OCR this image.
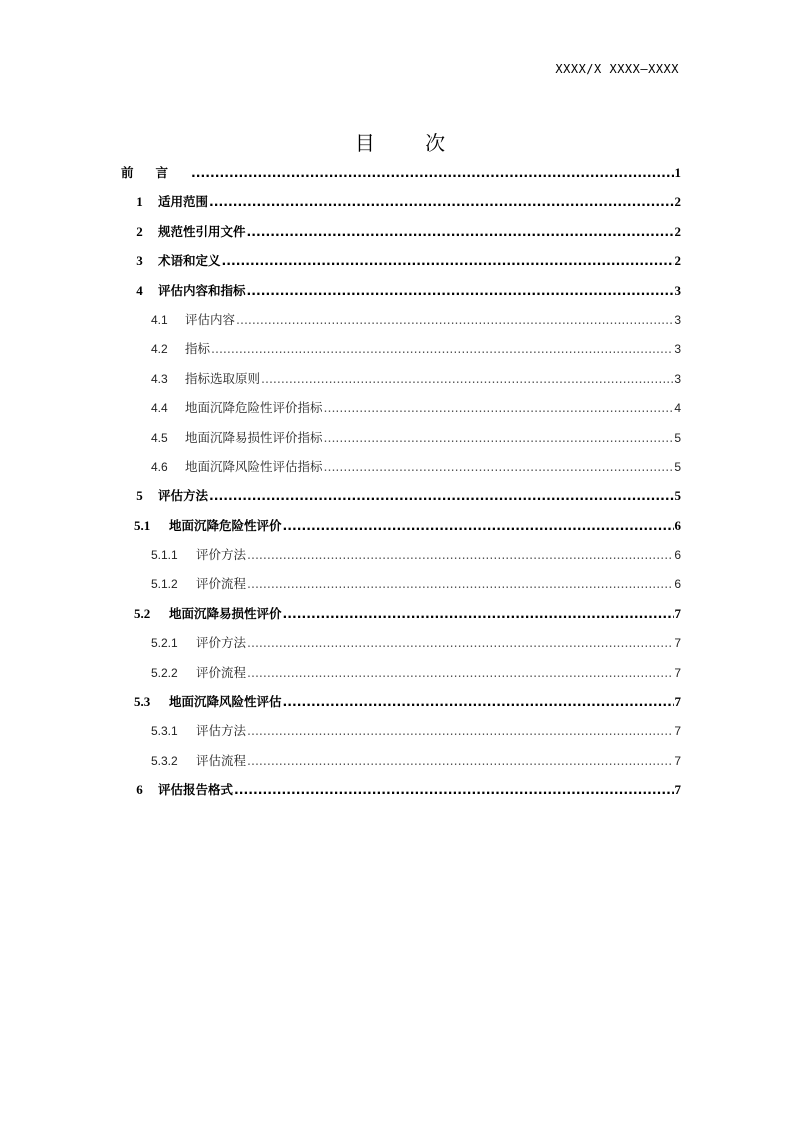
XXXX/X XXXX—XXXX
目 次
前言 .....	1
1	适用范围 .....	2
2	规范性引用文件 .....	2
3	术语和定义 .....	2
4	评估内容和指标 .....	3
4.1	评估内容 .....	3
4.2	指标 .....	3
4.3	指标选取原则 .....	3
4.4	地面沉降危险性评价指标 .....	4
4.5	地面沉降易损性评价指标 .....	5
4.6	地面沉降风险性评估指标 .....	5
5	评估方法 .....	5
5.1	地面沉降危险性评价 .....	6
5.1.1	评价方法 .....	6
5.1.2	评价流程 .....	6
5.2	地面沉降易损性评价 .....	7
5.2.1	评价方法 .....	7
5.2.2	评价流程 .....	7
5.3	地面沉降风险性评估 .....	7
5.3.1	评估方法 .....	7
5.3.2	评估流程 .....	7
6	评估报告格式 .....	7
